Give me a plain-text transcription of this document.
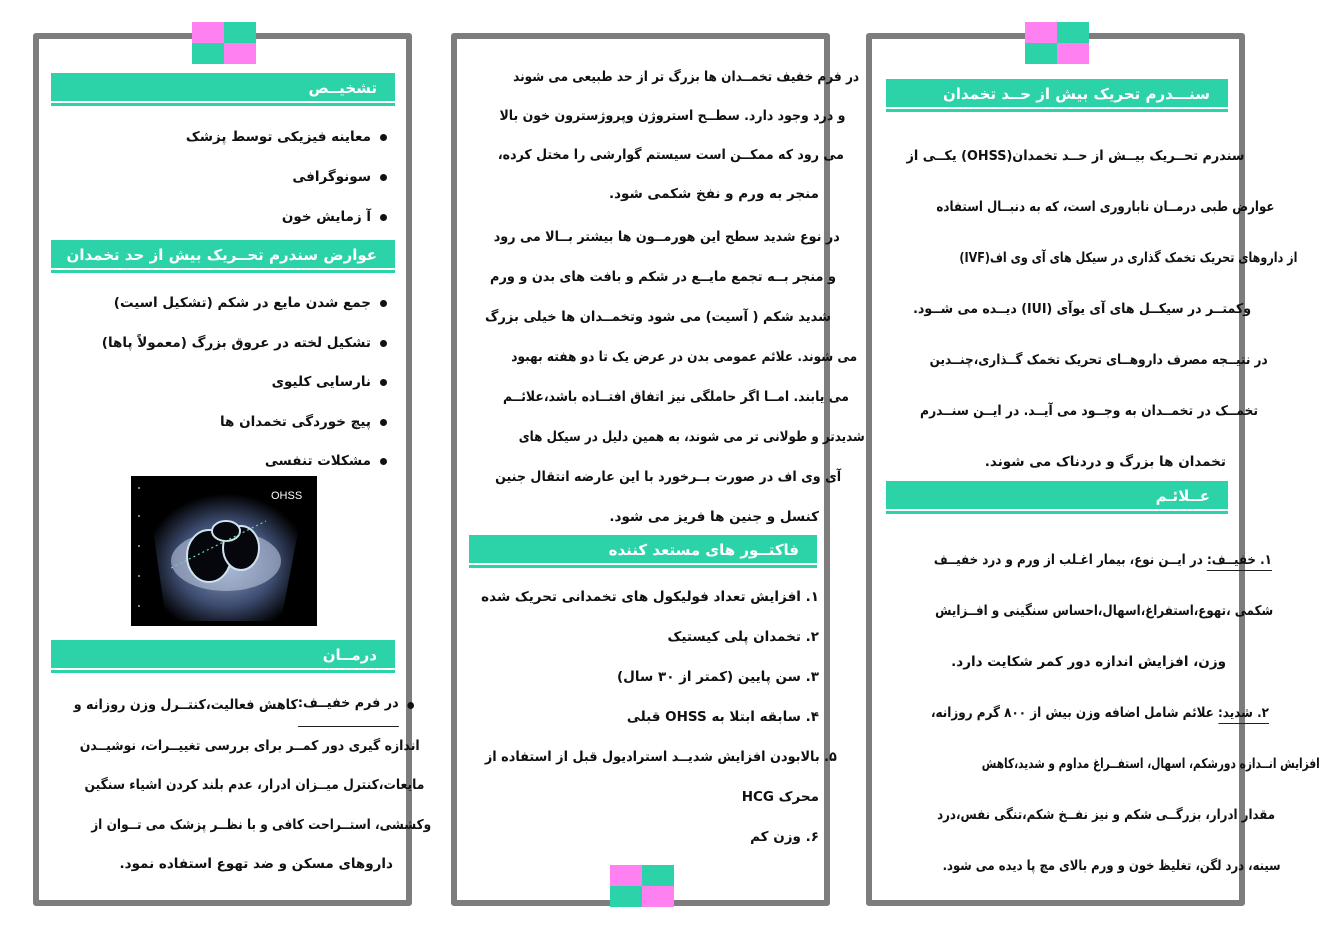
سنـــدرم تحریک بیش از حــد تخمدان
سندرم تحــریک بیــش از حــد تخمدان(OHSS) یکــی از
عوارض طبی درمــان ناباروری است، که به دنبــال استفاده
از داروهای تحریک تخمک گذاری در سیکل های آی وی اف(IVF)
وکمتــر در سیکــل های آی یوآی (IUI) دیــده می شــود.
در نتیــجه مصرف داروهــای تحریک تخمک گــذاری،چنــدین
تخمــک در تخمــدان به وجــود می آیــد. در ایــن سنــدرم
تخمدان ها بزرگ و دردناک می شوند.
عــلائـم
۱. خفیــف: در ایــن نوع، بیمار اغـلب از ورم و درد خفیــف
شکمی ،تهوع،استفراغ،اسهال،احساس سنگینی و افــزایش
وزن، افزایش اندازه دور کمر شکایت دارد.
۲. شدید: علائم شامل اضافه وزن بیش از ۸۰۰ گرم روزانه،
افزایش انــدازه دورشکم، اسهال، استفــراغ مداوم و شدید،کاهش
مقدار ادرار، بزرگــی شکم و نیز نفــخ شکم،تنگی نفس،درد
سینه، درد لگن، تغلیظ خون و ورم بالای مچ پا دیده می شود.
در فرم خفیف تخمــدان ها بزرگ تر از حد طبیعی می شوند
و درد وجود دارد. سطــح استروژن وپروژسترون خون بالا
می رود که ممکــن است سیستم گوارشی را مختل کرده،
منجر به ورم و نفخ شکمی شود.
در نوع شدید سطح این هورمــون ها بیشتر بــالا می رود
و منجر بــه تجمع مایــع در شکم و بافت های بدن و ورم
شدید شکم ( آسیت) می شود وتخمــدان ها خیلی بزرگ
می شوند. علائم عمومی بدن در عرض یک تا دو هفته بهبود
می یابند. امــا اگر حاملگی نیز اتفاق افتــاده باشد،علائــم
شدیدتر و طولانی تر می شوند، به همین دلیل در سیکل های
آی وی اف در صورت بــرخورد با این عارضه انتقال جنین
کنسل و جنین ها فریز می شود.
فاکتــور های مستعد کننده
۱. افزایش تعداد فولیکول های تخمدانی تحریک شده
۲. تخمدان پلی کیستیک
۳. سن پایین (کمتر از ۳۰ سال)
۴. سابقه ابتلا به OHSS قبلی
۵. بالابودن افزایش شدیــد استرادیول قبل از استفاده از
محرک HCG
۶. وزن کم
تشخیــص
معاینه فیزیکی توسط پزشک
سونوگرافی
آ زمایش خون
عوارض سندرم تحــریک بیش از حد تخمدان
جمع شدن مایع در شکم (تشکیل اسیت)
تشکیل لخته در عروق بزرگ (معمولاً پاها)
نارسایی کلیوی
پیچ خوردگی تخمدان ها
مشکلات تنفسی
OHSS
درمــان
در فرم خفیــف:
کاهش فعالیت،کنتــرل وزن روزانه و
اندازه گیری دور کمــر برای بررسی تغییــرات، نوشیــدن
مایعات،کنترل میــزان ادرار، عدم بلند کردن اشیاء سنگین
وکششی، استــراحت کافی و با نظــر پزشک می تــوان از
داروهای مسکن و ضد تهوع استفاده نمود.
